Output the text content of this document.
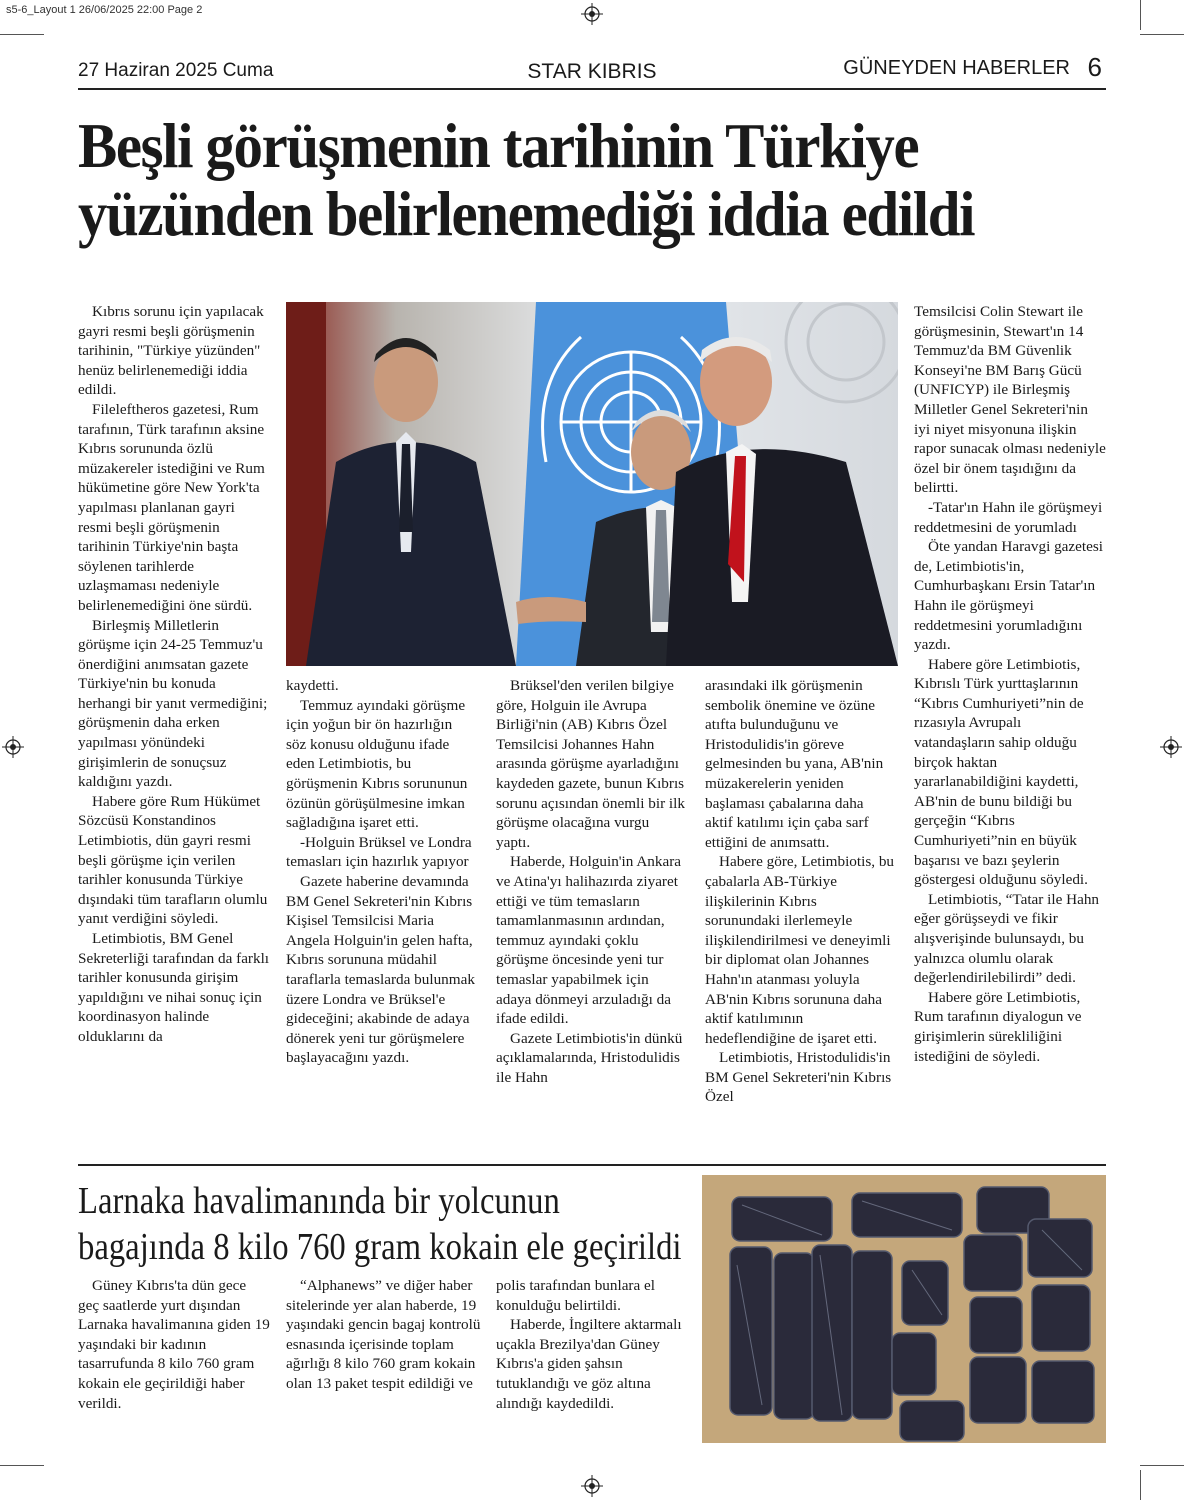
s5-6_Layout 1 26/06/2025 22:00 Page 2
27 Haziran 2025 Cuma	STAR KIBRIS	GÜNEYDEN HABERLER 6
Beşli görüşmenin tarihinin Türkiye
yüzünden belirlenemediği iddia edildi

Kıbrıs sorunu için yapılacak gayri resmi beşli görüşmenin tarihinin, "Türkiye yüzünden" henüz belirlenemediği iddia edildi.

Fileleftheros gazetesi, Rum tarafının, Türk tarafının aksine Kıbrıs sorununda özlü müzakereler istediğini ve Rum hükümetine göre New York'ta yapılması planlanan gayri resmi beşli görüşmenin tarihinin Türkiye'nin başta söylenen tarihlerde uzlaşmaması nedeniyle belirlenemediğini öne sürdü.

Birleşmiş Milletlerin görüşme için 24-25 Temmuz'u önerdiğini anımsatan gazete Türkiye'nin bu konuda herhangi bir yanıt vermediğini; görüşmenin daha erken yapılması yönündeki girişimlerin de sonuçsuz kaldığını yazdı.

Habere göre Rum Hükümet Sözcüsü Konstandinos Letimbiotis, dün gayri resmi beşli görüşme için verilen tarihler konusunda Türkiye dışındaki tüm tarafların olumlu yanıt verdiğini söyledi.

Letimbiotis, BM Genel Sekreterliği tarafından da farklı tarihler konusunda girişim yapıldığını ve nihai sonuç için koordinasyon halinde olduklarını da

kaydetti.

Temmuz ayındaki görüşme için yoğun bir ön hazırlığın söz konusu olduğunu ifade eden Letimbiotis, bu görüşmenin Kıbrıs sorununun özünün görüşülmesine imkan sağladığına işaret etti.

-Holguin Brüksel ve Londra temasları için hazırlık yapıyor

Gazete haberine devamında BM Genel Sekreteri'nin Kıbrıs Kişisel Temsilcisi Maria Angela Holguin'in gelen hafta, Kıbrıs sorununa müdahil taraflarla temaslarda bulunmak üzere Londra ve Brüksel'e gideceğini; akabinde de adaya dönerek yeni tur görüşmelere başlayacağını yazdı.

Brüksel'den verilen bilgiye göre, Holguin ile Avrupa Birliği'nin (AB) Kıbrıs Özel Temsilcisi Johannes Hahn arasında görüşme ayarladığını kaydeden gazete, bunun Kıbrıs sorunu açısından önemli bir ilk görüşme olacağına vurgu yaptı.

Haberde, Holguin'in Ankara ve Atina'yı halihazırda ziyaret ettiği ve tüm temasların tamamlanmasının ardından, temmuz ayındaki çoklu görüşme öncesinde yeni tur temaslar yapabilmek için adaya dönmeyi arzuladığı da ifade edildi.

Gazete Letimbiotis'in dünkü açıklamalarında, Hristodulidis ile Hahn

arasındaki ilk görüşmenin sembolik önemine ve özüne atıfta bulunduğunu ve Hristodulidis'in göreve gelmesinden bu yana, AB'nin müzakerelerin yeniden başlaması çabalarına daha aktif katılımı için çaba sarf ettiğini de anımsattı.

Habere göre, Letimbiotis, bu çabalarla AB-Türkiye ilişkilerinin Kıbrıs sorunundaki ilerlemeyle ilişkilendirilmesi ve deneyimli bir diplomat olan Johannes Hahn'ın atanması yoluyla AB'nin Kıbrıs sorununa daha aktif katılımının hedeflendiğine de işaret etti.

Letimbiotis, Hristodulidis'in BM Genel Sekreteri'nin Kıbrıs Özel

Temsilcisi Colin Stewart ile görüşmesinin, Stewart'ın 14 Temmuz'da BM Güvenlik Konseyi'ne BM Barış Gücü (UNFICYP) ile Birleşmiş Milletler Genel Sekreteri'nin iyi niyet misyonuna ilişkin rapor sunacak olması nedeniyle özel bir önem taşıdığını da belirtti.

-Tatar'ın Hahn ile görüşmeyi reddetmesini de yorumladı

Öte yandan Haravgi gazetesi de, Letimbiotis'in, Cumhurbaşkanı Ersin Tatar'ın Hahn ile görüşmeyi reddetmesini yorumladığını yazdı.

Habere göre Letimbiotis, Kıbrıslı Türk yurttaşlarının “Kıbrıs Cumhuriyeti”nin de rızasıyla Avrupalı vatandaşların sahip olduğu birçok haktan yararlanabildiğini kaydetti, AB'nin de bunu bildiği bu gerçeğin “Kıbrıs Cumhuriyeti”nin en büyük başarısı ve bazı şeylerin göstergesi olduğunu söyledi.

Letimbiotis, “Tatar ile Hahn eğer görüşseydi ve fikir alışverişinde bulunsaydı, bu yalnızca olumlu olarak değerlendirilebilirdi” dedi.

Habere göre Letimbiotis, Rum tarafının diyalogun ve girişimlerin sürekliliğini istediğini de söyledi.

Larnaka havalimanında bir yolcunun
bagajında 8 kilo 760 gram kokain ele geçirildi

Güney Kıbrıs'ta dün gece geç saatlerde yurt dışından Larnaka havalimanına giden 19 yaşındaki bir kadının tasarrufunda 8 kilo 760 gram kokain ele geçirildiği haber verildi.

“Alphanews” ve diğer haber sitelerinde yer alan haberde, 19 yaşındaki gencin bagaj kontrolü esnasında içerisinde toplam ağırlığı 8 kilo 760 gram kokain olan 13 paket tespit edildiği ve

polis tarafından bunlara el konulduğu belirtildi.

Haberde, İngiltere aktarmalı uçakla Brezilya'dan Güney Kıbrıs'a giden şahsın tutuklandığı ve göz altına alındığı kaydedildi.
